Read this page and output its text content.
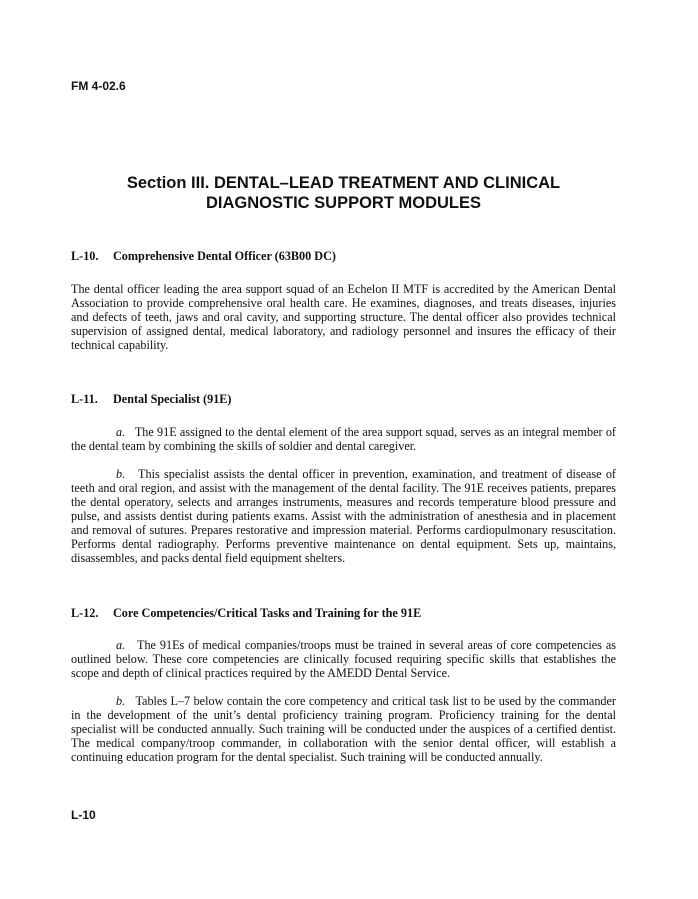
FM 4-02.6
Section III. DENTAL–LEAD TREATMENT AND CLINICAL
DIAGNOSTIC SUPPORT MODULES
L-10. Comprehensive Dental Officer (63B00 DC)

The dental officer leading the area support squad of an Echelon II MTF is accredited by the American Dental Association to provide comprehensive oral health care. He examines, diagnoses, and treats diseases, injuries and defects of teeth, jaws and oral cavity, and supporting structure. The dental officer also provides technical supervision of assigned dental, medical laboratory, and radiology personnel and insures the efficacy of their technical capability.

L-11. Dental Specialist (91E)

a. The 91E assigned to the dental element of the area support squad, serves as an integral member of the dental team by combining the skills of soldier and dental caregiver.

b. This specialist assists the dental officer in prevention, examination, and treatment of disease of teeth and oral region, and assist with the management of the dental facility. The 91E receives patients, prepares the dental operatory, selects and arranges instruments, measures and records temperature blood pressure and pulse, and assists dentist during patients exams. Assist with the administration of anesthesia and in placement and removal of sutures. Prepares restorative and impression material. Performs cardiopulmonary resuscitation. Performs dental radiography. Performs preventive maintenance on dental equipment. Sets up, maintains, disassembles, and packs dental field equipment shelters.

L-12. Core Competencies/Critical Tasks and Training for the 91E

a. The 91Es of medical companies/troops must be trained in several areas of core competencies as outlined below. These core competencies are clinically focused requiring specific skills that establishes the scope and depth of clinical practices required by the AMEDD Dental Service.

b. Tables L–7 below contain the core competency and critical task list to be used by the commander in the development of the unit’s dental proficiency training program. Proficiency training for the dental specialist will be conducted annually. Such training will be conducted under the auspices of a certified dentist. The medical company/troop commander, in collaboration with the senior dental officer, will establish a continuing education program for the dental specialist. Such training will be conducted annually.

L-10
